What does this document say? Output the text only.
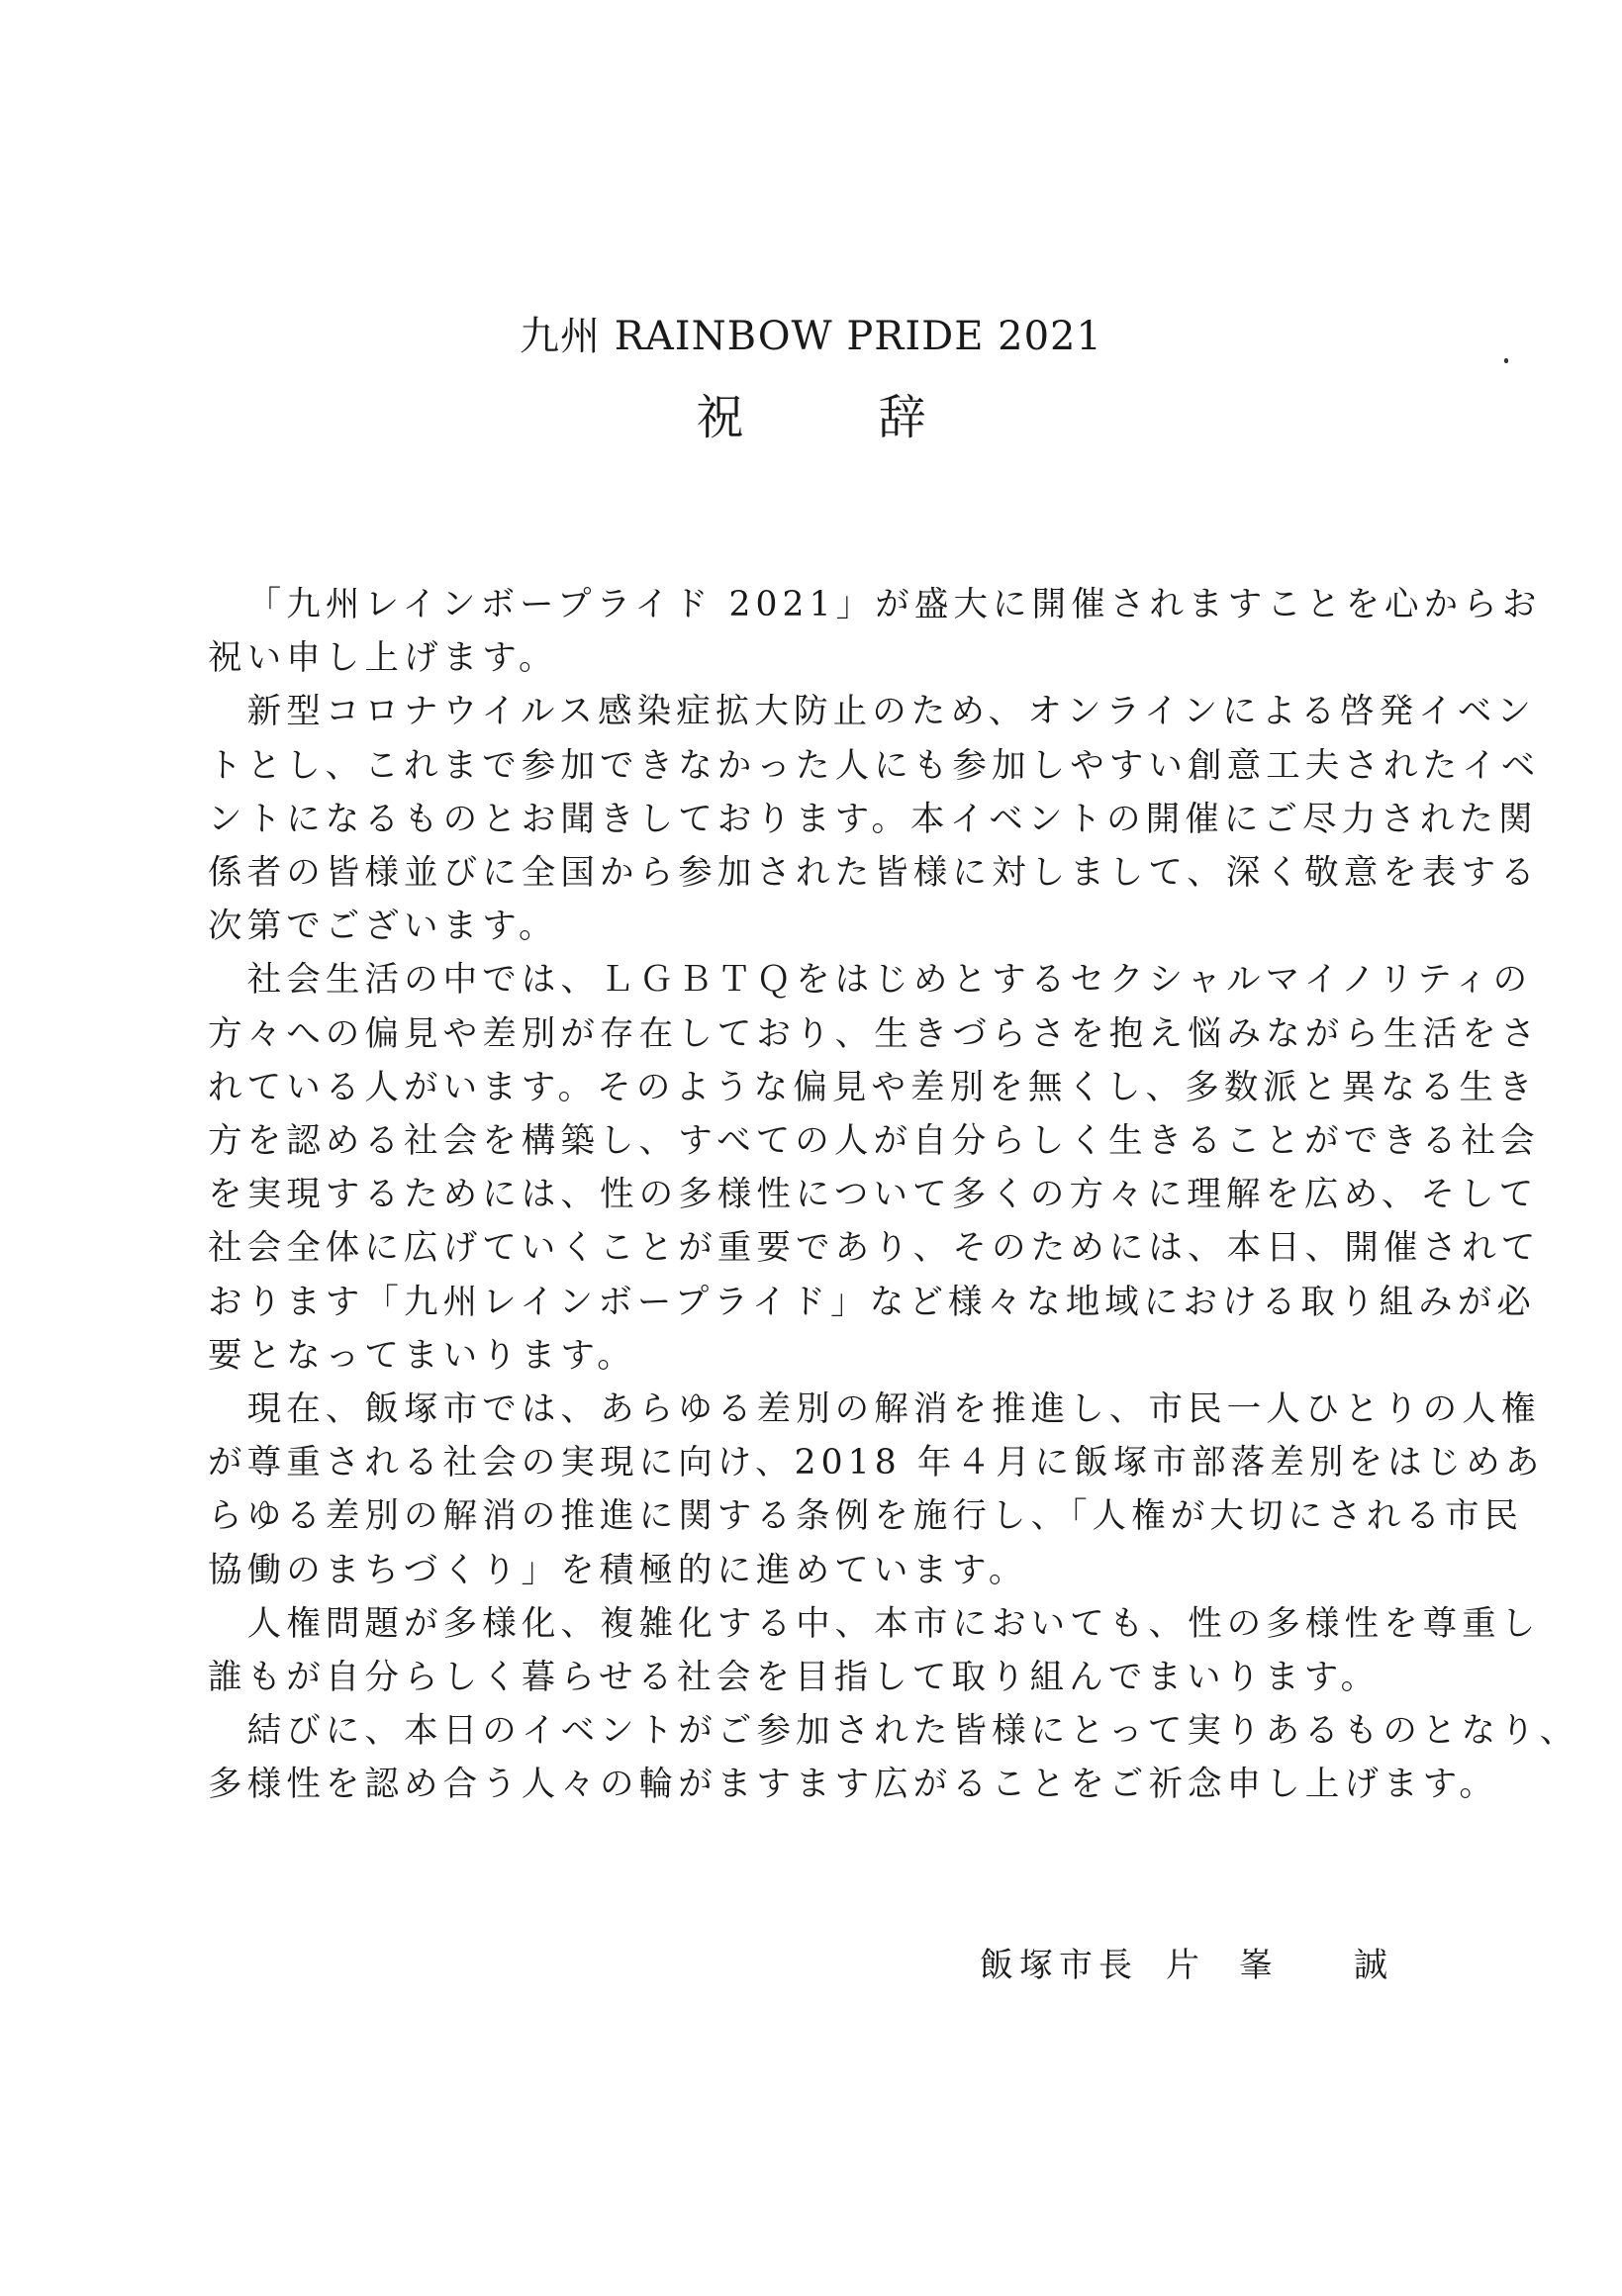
九州 RAINBOW PRIDE 2021
祝	辞

「九州レインボープライド 2021」が盛大に開催されますことを心からお
祝い申し上げます。

新型コロナウイルス感染症拡大防止のため、オンラインによる啓発イベン
トとし、これまで参加できなかった人にも参加しやすい創意工夫されたイベ
ントになるものとお聞きしております。本イベントの開催にご尽力された関
係者の皆様並びに全国から参加された皆様に対しまして、深く敬意を表する
次第でございます。

社会生活の中では、ＬＧＢＴＱをはじめとするセクシャルマイノリティの
方々への偏見や差別が存在しており、生きづらさを抱え悩みながら生活をさ
れている人がいます。そのような偏見や差別を無くし、多数派と異なる生き
方を認める社会を構築し、すべての人が自分らしく生きることができる社会
を実現するためには、性の多様性について多くの方々に理解を広め、そして
社会全体に広げていくことが重要であり、そのためには、本日、開催されて
おります「九州レインボープライド」など様々な地域における取り組みが必
要となってまいります。

現在、飯塚市では、あらゆる差別の解消を推進し、市民一人ひとりの人権
が尊重される社会の実現に向け、2018 年４月に飯塚市部落差別をはじめあ
らゆる差別の解消の推進に関する条例を施行し、「人権が大切にされる市民
協働のまちづくり」を積極的に進めています。

人権問題が多様化、複雑化する中、本市においても、性の多様性を尊重し
誰もが自分らしく暮らせる社会を目指して取り組んでまいります。

結びに、本日のイベントがご参加された皆様にとって実りあるものとなり、
多様性を認め合う人々の輪がますます広がることをご祈念申し上げます。

飯塚市長 片 峯 誠
